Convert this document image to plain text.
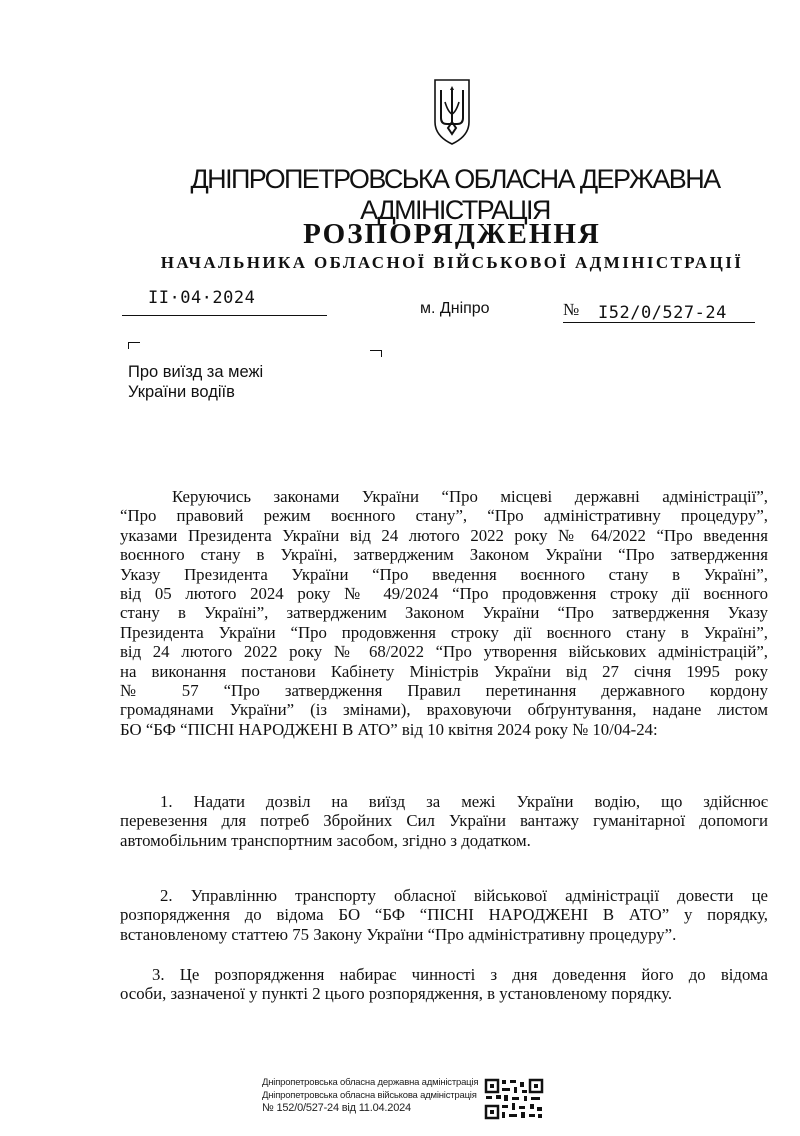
ДНІПРОПЕТРОВСЬКА ОБЛАСНА ДЕРЖАВНА АДМІНІСТРАЦІЯ
РОЗПОРЯДЖЕННЯ
НАЧАЛЬНИКА ОБЛАСНОЇ ВІЙСЬКОВОЇ АДМІНІСТРАЦІЇ
II·04·2024
м. Дніпро	№ I52/0/527-24
Про виїзд за межі
України водіїв
Керуючись законами України “Про місцеві державні адміністрації”,
“Про правовий режим воєнного стану”, “Про адміністративну процедуру”,
указами Президента України від 24 лютого 2022 року № 64/2022 “Про введення
воєнного стану в Україні, затвердженим Законом України “Про затвердження
Указу Президента України “Про введення воєнного стану в Україні”,
від 05 лютого 2024 року № 49/2024 “Про продовження строку дії воєнного
стану в Україні”, затвердженим Законом України “Про затвердження Указу
Президента України “Про продовження строку дії воєнного стану в Україні”,
від 24 лютого 2022 року № 68/2022 “Про утворення військових адміністрацій”,
на виконання постанови Кабінету Міністрів України від 27 січня 1995 року
№ 57 “Про затвердження Правил перетинання державного кордону
громадянами України” (із змінами), враховуючи обґрунтування, надане листом
БО “БФ “ПІСНІ НАРОДЖЕНІ В АТО” від 10 квітня 2024 року № 10/04-24:
1. Надати дозвіл на виїзд за межі України водію, що здійснює
перевезення для потреб Збройних Сил України вантажу гуманітарної допомоги
автомобільним транспортним засобом, згідно з додатком.
2. Управлінню транспорту обласної військової адміністрації довести це
розпорядження до відома БО “БФ “ПІСНІ НАРОДЖЕНІ В АТО” у порядку,
встановленому статтею 75 Закону України “Про адміністративну процедуру”.
3. Це розпорядження набирає чинності з дня доведення його до відома
особи, зазначеної у пункті 2 цього розпорядження, в установленому порядку.
Дніпропетровська обласна державна адміністрація
Дніпропетровська обласна військова адміністрація
№ 152/0/527-24 від 11.04.2024
